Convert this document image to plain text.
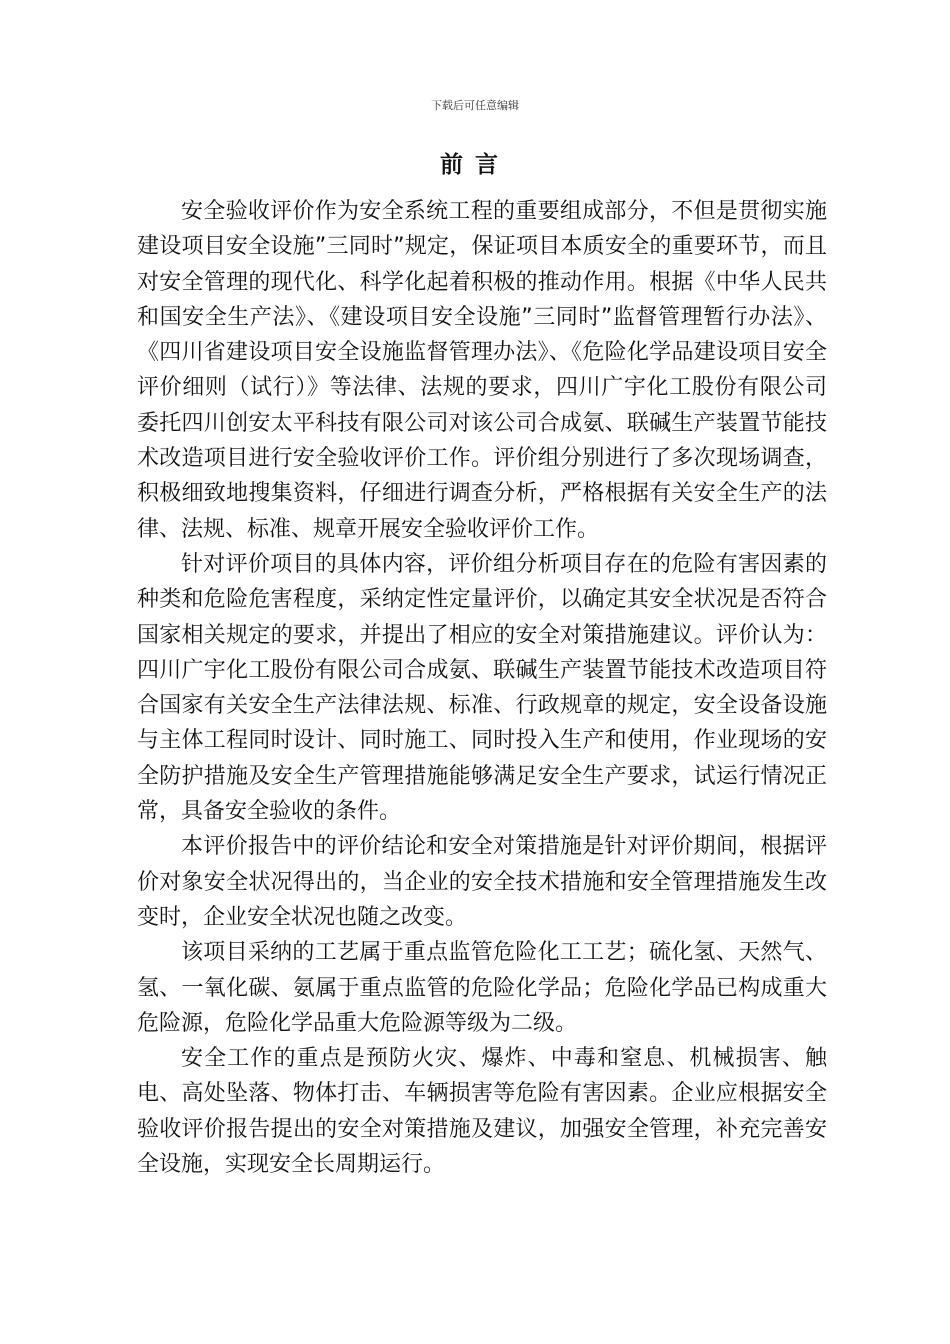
下载后可任意编辑
前言

安全验收评价作为安全系统工程的重要组成部分，不但是贯彻实施建设项目安全设施”三同时”规定，保证项目本质安全的重要环节，而且对安全管理的现代化、科学化起着积极的推动作用。根据《中华人民共和国安全生产法》、《建设项目安全设施”三同时”监督管理暂行办法》、《四川省建设项目安全设施监督管理办法》、《危险化学品建设项目安全评价细则（试行）》等法律、法规的要求，四川广宇化工股份有限公司委托四川创安太平科技有限公司对该公司合成氨、联碱生产装置节能技术改造项目进行安全验收评价工作。评价组分别进行了多次现场调查，积极细致地搜集资料，仔细进行调查分析，严格根据有关安全生产的法律、法规、标准、规章开展安全验收评价工作。

针对评价项目的具体内容，评价组分析项目存在的危险有害因素的种类和危险危害程度，采纳定性定量评价，以确定其安全状况是否符合国家相关规定的要求，并提出了相应的安全对策措施建议。评价认为：四川广宇化工股份有限公司合成氨、联碱生产装置节能技术改造项目符合国家有关安全生产法律法规、标准、行政规章的规定，安全设备设施与主体工程同时设计、同时施工、同时投入生产和使用，作业现场的安全防护措施及安全生产管理措施能够满足安全生产要求，试运行情况正常，具备安全验收的条件。

本评价报告中的评价结论和安全对策措施是针对评价期间，根据评价对象安全状况得出的，当企业的安全技术措施和安全管理措施发生改变时，企业安全状况也随之改变。

该项目采纳的工艺属于重点监管危险化工工艺；硫化氢、天然气、氢、一氧化碳、氨属于重点监管的危险化学品；危险化学品已构成重大危险源，危险化学品重大危险源等级为二级。

安全工作的重点是预防火灾、爆炸、中毒和窒息、机械损害、触电、高处坠落、物体打击、车辆损害等危险有害因素。企业应根据安全验收评价报告提出的安全对策措施及建议，加强安全管理，补充完善安全设施，实现安全长周期运行。
